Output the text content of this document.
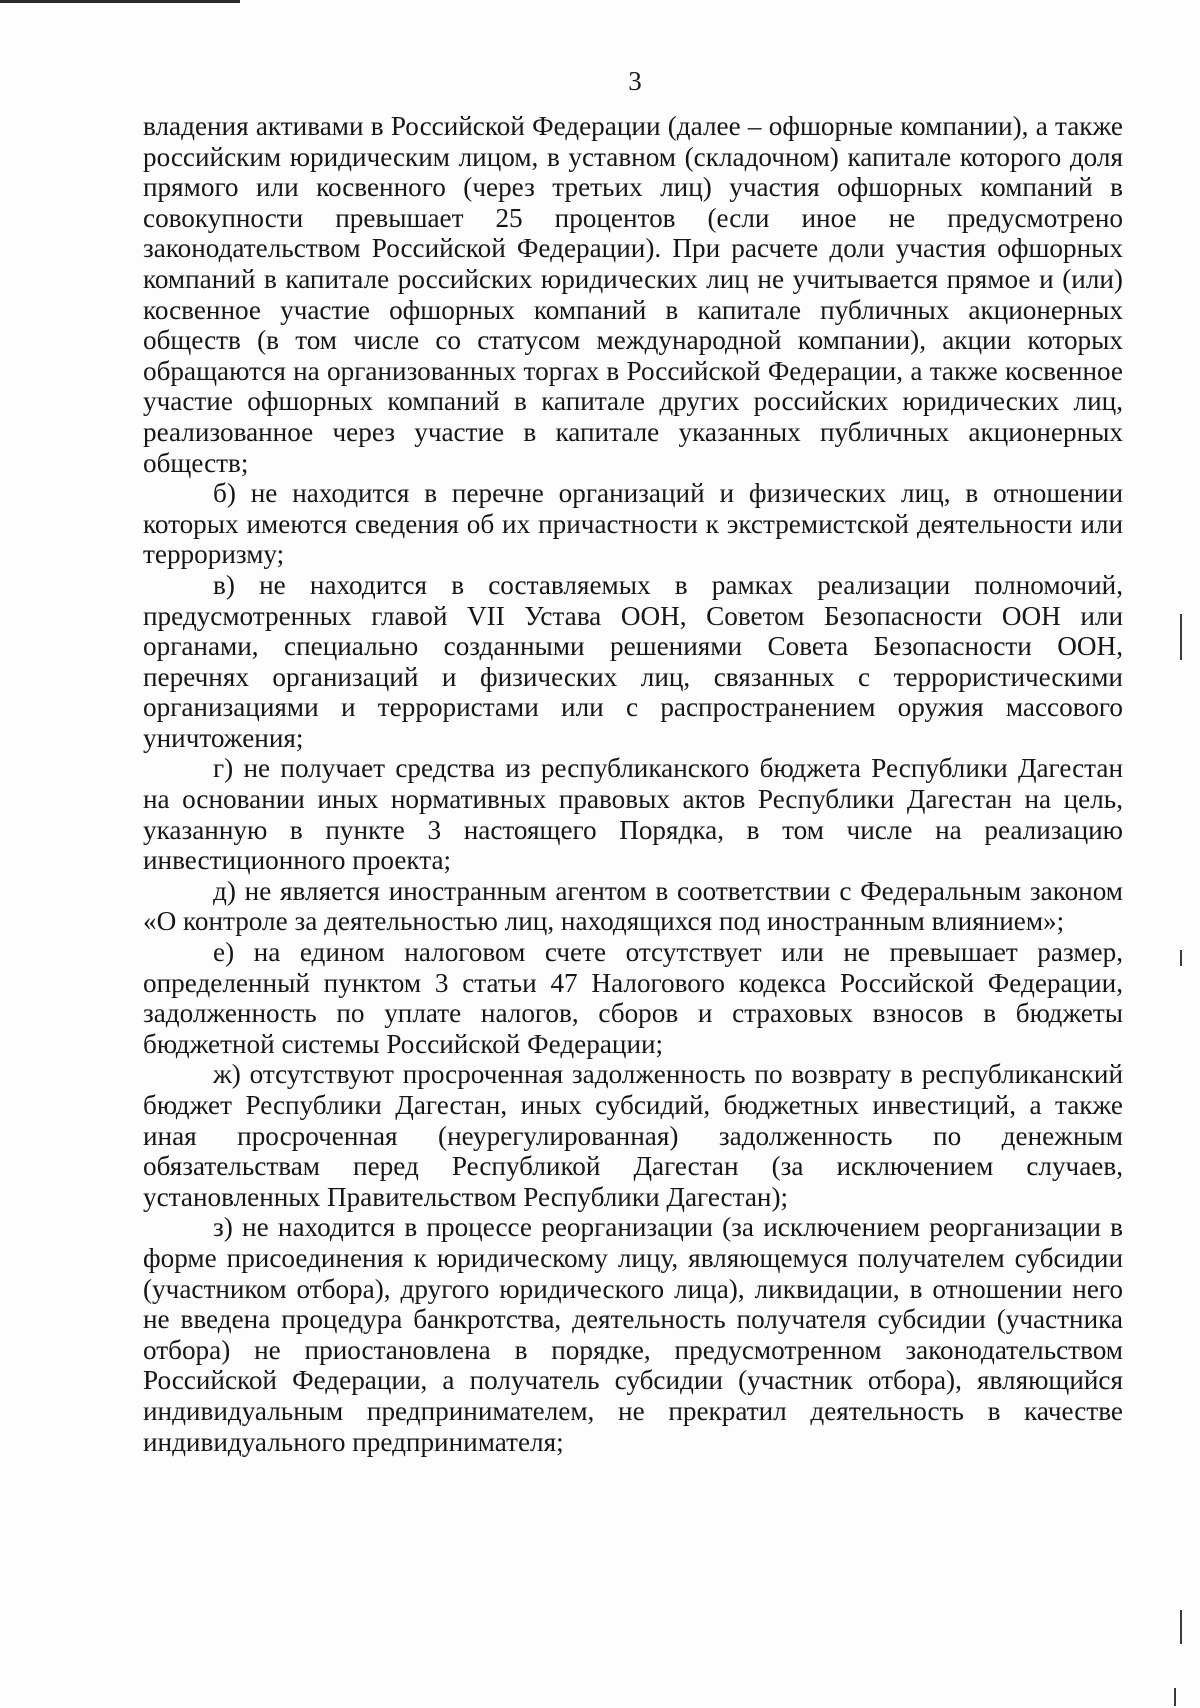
3

владения активами в Российской Федерации (далее – офшорные компании), а также российским юридическим лицом, в уставном (складочном) капитале которого доля прямого или косвенного (через третьих лиц) участия офшорных компаний в совокупности превышает 25 процентов (если иное не предусмотрено законодательством Российской Федерации). При расчете доли участия офшорных компаний в капитале российских юридических лиц не учитывается прямое и (или) косвенное участие офшорных компаний в капитале публичных акционерных обществ (в том числе со статусом международной компании), акции которых обращаются на организованных торгах в Российской Федерации, а также косвенное участие офшорных компаний в капитале других российских юридических лиц, реализованное через участие в капитале указанных публичных акционерных обществ;

б) не находится в перечне организаций и физических лиц, в отношении которых имеются сведения об их причастности к экстремистской деятельности или терроризму;

в) не находится в составляемых в рамках реализации полномочий, предусмотренных главой VII Устава ООН, Советом Безопасности ООН или органами, специально созданными решениями Совета Безопасности ООН, перечнях организаций и физических лиц, связанных с террористическими организациями и террористами или с распространением оружия массового уничтожения;

г) не получает средства из республиканского бюджета Республики Дагестан на основании иных нормативных правовых актов Республики Дагестан на цель, указанную в пункте 3 настоящего Порядка, в том числе на реализацию инвестиционного проекта;

д) не является иностранным агентом в соответствии с Федеральным законом «О контроле за деятельностью лиц, находящихся под иностранным влиянием»;

е) на едином налоговом счете отсутствует или не превышает размер, определенный пунктом 3 статьи 47 Налогового кодекса Российской Федерации, задолженность по уплате налогов, сборов и страховых взносов в бюджеты бюджетной системы Российской Федерации;

ж) отсутствуют просроченная задолженность по возврату в республиканский бюджет Республики Дагестан, иных субсидий, бюджетных инвестиций, а также иная просроченная (неурегулированная) задолженность по денежным обязательствам перед Республикой Дагестан (за исключением случаев, установленных Правительством Республики Дагестан);

з) не находится в процессе реорганизации (за исключением реорганизации в форме присоединения к юридическому лицу, являющемуся получателем субсидии (участником отбора), другого юридического лица), ликвидации, в отношении него не введена процедура банкротства, деятельность получателя субсидии (участника отбора) не приостановлена в порядке, предусмотренном законодательством Российской Федерации, а получатель субсидии (участник отбора), являющийся индивидуальным предпринимателем, не прекратил деятельность в качестве индивидуального предпринимателя;
